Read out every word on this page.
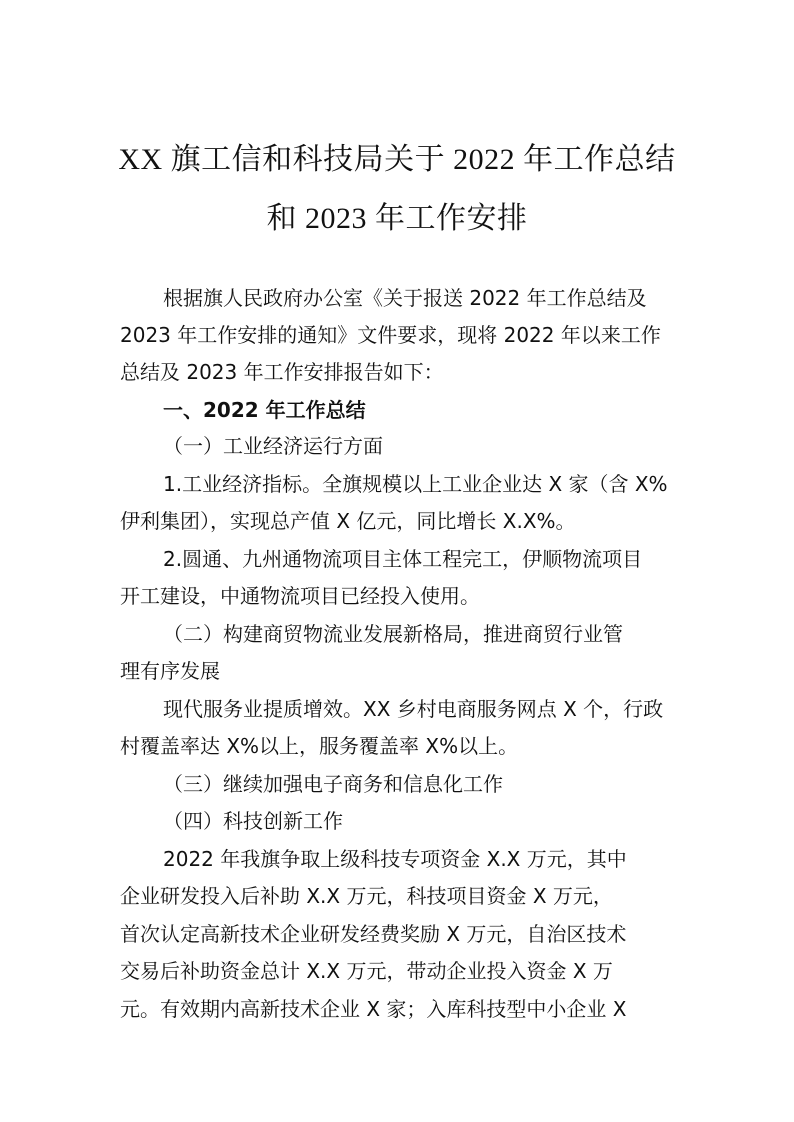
XX 旗工信和科技局关于 2022 年工作总结
和 2023 年工作安排
根据旗人民政府办公室《关于报送 2022 年工作总结及
2023 年工作安排的通知》文件要求，现将 2022 年以来工作
总结及 2023 年工作安排报告如下：
一、2022 年工作总结
（一）工业经济运行方面
1.工业经济指标。全旗规模以上工业企业达 X 家（含 X%
伊利集团），实现总产值 X 亿元，同比增长 X.X%。
2.圆通、九州通物流项目主体工程完工，伊顺物流项目
开工建设，中通物流项目已经投入使用。
（二）构建商贸物流业发展新格局，推进商贸行业管
理有序发展
现代服务业提质增效。XX 乡村电商服务网点 X 个，行政
村覆盖率达 X%以上，服务覆盖率 X%以上。
（三）继续加强电子商务和信息化工作
（四）科技创新工作
2022 年我旗争取上级科技专项资金 X.X 万元，其中
企业研发投入后补助 X.X 万元，科技项目资金 X 万元，
首次认定高新技术企业研发经费奖励 X 万元，自治区技术
交易后补助资金总计 X.X 万元，带动企业投入资金 X 万
元。有效期内高新技术企业 X 家；入库科技型中小企业 X
